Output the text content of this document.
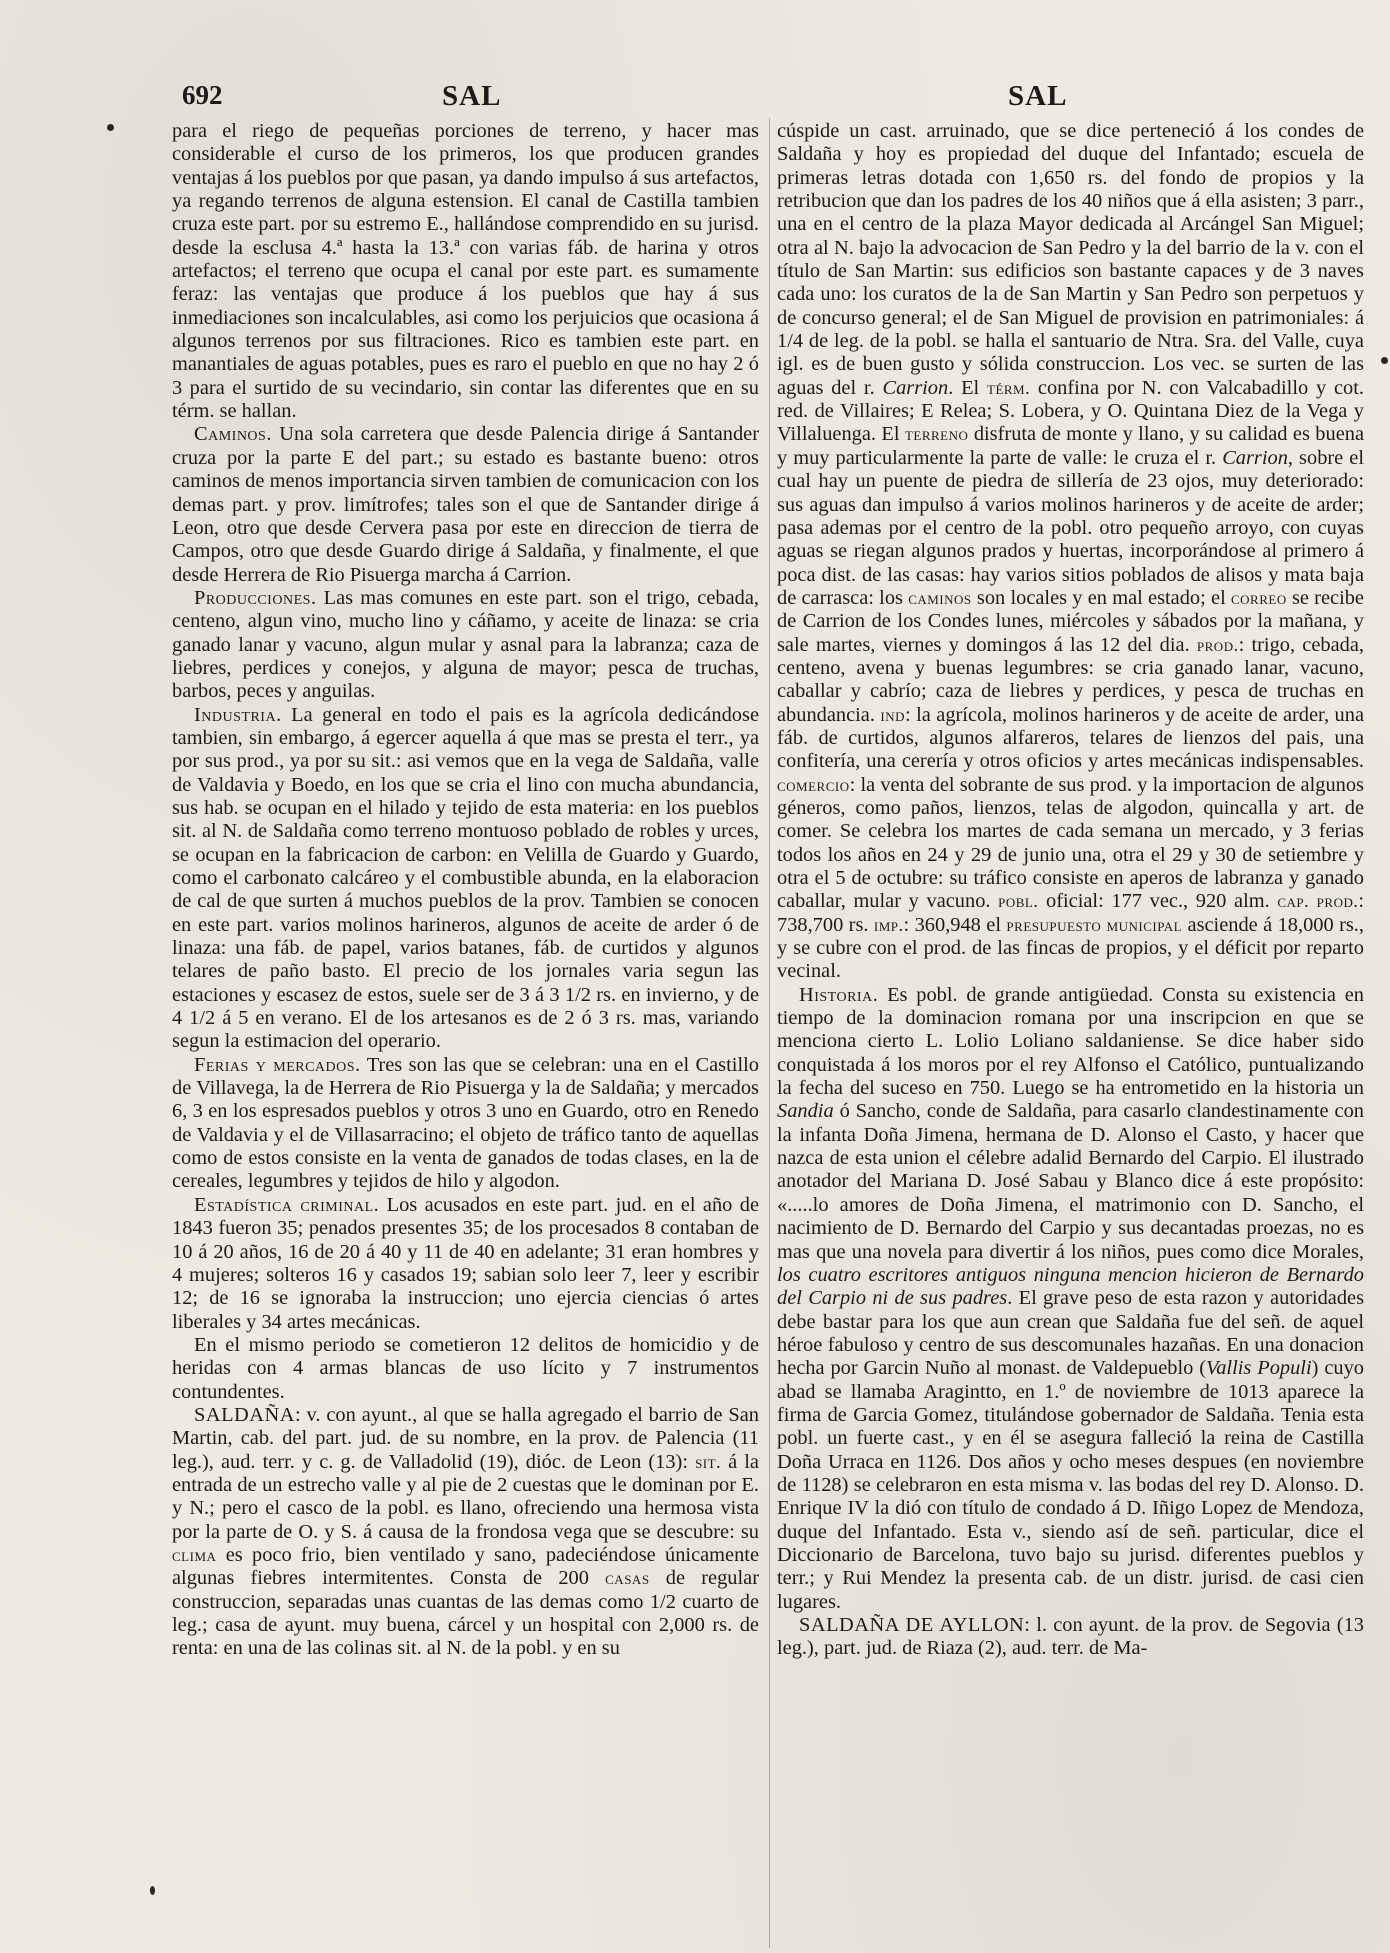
692	SAL	SAL

para el riego de pequeñas porciones de terreno, y hacer mas considerable el curso de los primeros, los que producen grandes ventajas á los pueblos por que pasan, ya dando impulso á sus artefactos, ya regando terrenos de alguna estension. El canal de Castilla tambien cruza este part. por su estremo E., hallándose comprendido en su jurisd. desde la esclusa 4.ª hasta la 13.ª con varias fáb. de harina y otros artefactos; el terreno que ocupa el canal por este part. es sumamente feraz: las ventajas que produce á los pueblos que hay á sus inmediaciones son incalculables, asi como los perjuicios que ocasiona á algunos terrenos por sus filtraciones. Rico es tambien este part. en manantiales de aguas potables, pues es raro el pueblo en que no hay 2 ó 3 para el surtido de su vecindario, sin contar las diferentes que en su térm. se hallan.

Caminos. Una sola carretera que desde Palencia dirige á Santander cruza por la parte E del part.; su estado es bastante bueno: otros caminos de menos importancia sirven tambien de comunicacion con los demas part. y prov. limítrofes; tales son el que de Santander dirige á Leon, otro que desde Cervera pasa por este en direccion de tierra de Campos, otro que desde Guardo dirige á Saldaña, y finalmente, el que desde Herrera de Rio Pisuerga marcha á Carrion.

Producciones. Las mas comunes en este part. son el trigo, cebada, centeno, algun vino, mucho lino y cáñamo, y aceite de linaza: se cria ganado lanar y vacuno, algun mular y asnal para la labranza; caza de liebres, perdices y conejos, y alguna de mayor; pesca de truchas, barbos, peces y anguilas.

Industria. La general en todo el pais es la agrícola dedicándose tambien, sin embargo, á egercer aquella á que mas se presta el terr., ya por sus prod., ya por su sit.: asi vemos que en la vega de Saldaña, valle de Valdavia y Boedo, en los que se cria el lino con mucha abundancia, sus hab. se ocupan en el hilado y tejido de esta materia: en los pueblos sit. al N. de Saldaña como terreno montuoso poblado de robles y urces, se ocupan en la fabricacion de carbon: en Velilla de Guardo y Guardo, como el carbonato calcáreo y el combustible abunda, en la elaboracion de cal de que surten á muchos pueblos de la prov. Tambien se conocen en este part. varios molinos harineros, algunos de aceite de arder ó de linaza: una fáb. de papel, varios batanes, fáb. de curtidos y algunos telares de paño basto. El precio de los jornales varia segun las estaciones y escasez de estos, suele ser de 3 á 3 1/2 rs. en invierno, y de 4 1/2 á 5 en verano. El de los artesanos es de 2 ó 3 rs. mas, variando segun la estimacion del operario.

Ferias y mercados. Tres son las que se celebran: una en el Castillo de Villavega, la de Herrera de Rio Pisuerga y la de Saldaña; y mercados 6, 3 en los espresados pueblos y otros 3 uno en Guardo, otro en Renedo de Valdavia y el de Villasarracino; el objeto de tráfico tanto de aquellas como de estos consiste en la venta de ganados de todas clases, en la de cereales, legumbres y tejidos de hilo y algodon.

Estadística criminal. Los acusados en este part. jud. en el año de 1843 fueron 35; penados presentes 35; de los procesados 8 contaban de 10 á 20 años, 16 de 20 á 40 y 11 de 40 en adelante; 31 eran hombres y 4 mujeres; solteros 16 y casados 19; sabian solo leer 7, leer y escribir 12; de 16 se ignoraba la instruccion; uno ejercia ciencias ó artes liberales y 34 artes mecánicas.

En el mismo periodo se cometieron 12 delitos de homicidio y de heridas con 4 armas blancas de uso lícito y 7 instrumentos contundentes.

SALDAÑA: v. con ayunt., al que se halla agregado el barrio de San Martin, cab. del part. jud. de su nombre, en la prov. de Palencia (11 leg.), aud. terr. y c. g. de Valladolid (19), dióc. de Leon (13): sit. á la entrada de un estrecho valle y al pie de 2 cuestas que le dominan por E. y N.; pero el casco de la pobl. es llano, ofreciendo una hermosa vista por la parte de O. y S. á causa de la frondosa vega que se descubre: su clima es poco frio, bien ventilado y sano, padeciéndose únicamente algunas fiebres intermitentes. Consta de 200 casas de regular construccion, separadas unas cuantas de las demas como 1/2 cuarto de leg.; casa de ayunt. muy buena, cárcel y un hospital con 2,000 rs. de renta: en una de las colinas sit. al N. de la pobl. y en su

cúspide un cast. arruinado, que se dice perteneció á los condes de Saldaña y hoy es propiedad del duque del Infantado; escuela de primeras letras dotada con 1,650 rs. del fondo de propios y la retribucion que dan los padres de los 40 niños que á ella asisten; 3 parr., una en el centro de la plaza Mayor dedicada al Arcángel San Miguel; otra al N. bajo la advocacion de San Pedro y la del barrio de la v. con el título de San Martin: sus edificios son bastante capaces y de 3 naves cada uno: los curatos de la de San Martin y San Pedro son perpetuos y de concurso general; el de San Miguel de provision en patrimoniales: á 1/4 de leg. de la pobl. se halla el santuario de Ntra. Sra. del Valle, cuya igl. es de buen gusto y sólida construccion. Los vec. se surten de las aguas del r. Carrion. El térm. confina por N. con Valcabadillo y cot. red. de Villaires; E Relea; S. Lobera, y O. Quintana Diez de la Vega y Villaluenga. El terreno disfruta de monte y llano, y su calidad es buena y muy particularmente la parte de valle: le cruza el r. Carrion, sobre el cual hay un puente de piedra de sillería de 23 ojos, muy deteriorado: sus aguas dan impulso á varios molinos harineros y de aceite de arder; pasa ademas por el centro de la pobl. otro pequeño arroyo, con cuyas aguas se riegan algunos prados y huertas, incorporándose al primero á poca dist. de las casas: hay varios sitios poblados de alisos y mata baja de carrasca: los caminos son locales y en mal estado; el correo se recibe de Carrion de los Condes lunes, miércoles y sábados por la mañana, y sale martes, viernes y domingos á las 12 del dia. prod.: trigo, cebada, centeno, avena y buenas legumbres: se cria ganado lanar, vacuno, caballar y cabrío; caza de liebres y perdices, y pesca de truchas en abundancia. ind: la agrícola, molinos harineros y de aceite de arder, una fáb. de curtidos, algunos alfareros, telares de lienzos del pais, una confitería, una cerería y otros oficios y artes mecánicas indispensables. comercio: la venta del sobrante de sus prod. y la importacion de algunos géneros, como paños, lienzos, telas de algodon, quincalla y art. de comer. Se celebra los martes de cada semana un mercado, y 3 ferias todos los años en 24 y 29 de junio una, otra el 29 y 30 de setiembre y otra el 5 de octubre: su tráfico consiste en aperos de labranza y ganado caballar, mular y vacuno. pobl. oficial: 177 vec., 920 alm. cap. prod.: 738,700 rs. imp.: 360,948 el presupuesto municipal asciende á 18,000 rs., y se cubre con el prod. de las fincas de propios, y el déficit por reparto vecinal.

Historia. Es pobl. de grande antigüedad. Consta su existencia en tiempo de la dominacion romana por una inscripcion en que se menciona cierto L. Lolio Loliano saldaniense. Se dice haber sido conquistada á los moros por el rey Alfonso el Católico, puntualizando la fecha del suceso en 750. Luego se ha entrometido en la historia un Sandia ó Sancho, conde de Saldaña, para casarlo clandestinamente con la infanta Doña Jimena, hermana de D. Alonso el Casto, y hacer que nazca de esta union el célebre adalid Bernardo del Carpio. El ilustrado anotador del Mariana D. José Sabau y Blanco dice á este propósito: «.....lo amores de Doña Jimena, el matrimonio con D. Sancho, el nacimiento de D. Bernardo del Carpio y sus decantadas proezas, no es mas que una novela para divertir á los niños, pues como dice Morales, los cuatro escritores antiguos ninguna mencion hicieron de Bernardo del Carpio ni de sus padres. El grave peso de esta razon y autoridades debe bastar para los que aun crean que Saldaña fue del señ. de aquel héroe fabuloso y centro de sus descomunales hazañas. En una donacion hecha por Garcin Nuño al monast. de Valdepueblo (Vallis Populi) cuyo abad se llamaba Aragintto, en 1.º de noviembre de 1013 aparece la firma de Garcia Gomez, titulándose gobernador de Saldaña. Tenia esta pobl. un fuerte cast., y en él se asegura falleció la reina de Castilla Doña Urraca en 1126. Dos años y ocho meses despues (en noviembre de 1128) se celebraron en esta misma v. las bodas del rey D. Alonso. D. Enrique IV la dió con título de condado á D. Iñigo Lopez de Mendoza, duque del Infantado. Esta v., siendo así de señ. particular, dice el Diccionario de Barcelona, tuvo bajo su jurisd. diferentes pueblos y terr.; y Rui Mendez la presenta cab. de un distr. jurisd. de casi cien lugares.

SALDAÑA DE AYLLON: l. con ayunt. de la prov. de Segovia (13 leg.), part. jud. de Riaza (2), aud. terr. de Ma-
